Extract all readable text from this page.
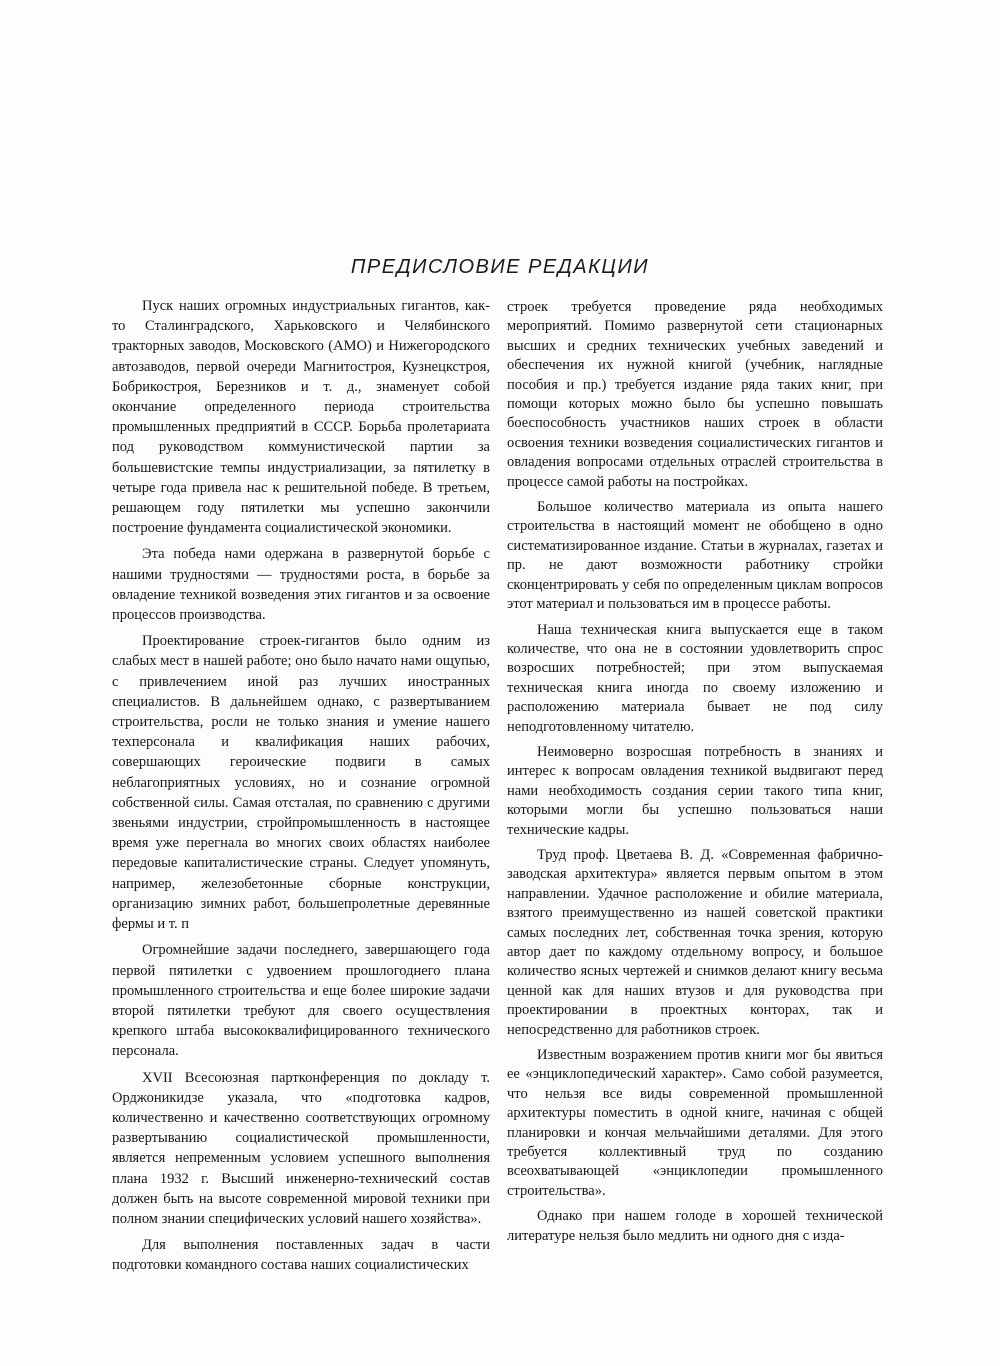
ПРЕДИСЛОВИЕ РЕДАКЦИИ

Пуск наших огромных индустриальных гигантов, как-то Сталинградского, Харьковского и Челябинского тракторных заводов, Московского (АМО) и Нижегородского автозаводов, первой очереди Магнитостроя, Кузнецкстроя, Бобрикостроя, Березников и т. д., знаменует собой окончание определенного периода строительства промышленных предприятий в СССР. Борьба пролетариата под руководством коммунистической партии за большевистские темпы индустриализации, за пятилетку в четыре года привела нас к решительной победе. В третьем, решающем году пятилетки мы успешно закончили построение фундамента социалистической экономики.

Эта победа нами одержана в развернутой борьбе с нашими трудностями — трудностями роста, в борьбе за овладение техникой возведения этих гигантов и за освоение процессов производства.

Проектирование строек-гигантов было одним из слабых мест в нашей работе; оно было начато нами ощупью, с привлечением иной раз лучших иностранных специалистов. В дальнейшем однако, с развертыванием строительства, росли не только знания и умение нашего техперсонала и квалификация наших рабочих, совершающих героические подвиги в самых неблагоприятных условиях, но и сознание огромной собственной силы. Самая отсталая, по сравнению с другими звеньями индустрии, стройпромышленность в настоящее время уже перегнала во многих своих областях наиболее передовые капиталистические страны. Следует упомянуть, например, железобетонные сборные конструкции, организацию зимних работ, большепролетные деревянные фермы и т. п

Огромнейшие задачи последнего, завершающего года первой пятилетки с удвоением прошлогоднего плана промышленного строительства и еще более широкие задачи второй пятилетки требуют для своего осуществления крепкого штаба высококвалифицированного технического персонала.

XVII Всесоюзная партконференция по докладу т. Орджоникидзе указала, что «подготовка кадров, количественно и качественно соответствующих огромному развертыванию социалистической промышленности, является непременным условием успешного выполнения плана 1932 г. Высший инженерно-технический состав должен быть на высоте современной мировой техники при полном знании специфических условий нашего хозяйства».

Для выполнения поставленных задач в части подготовки командного состава наших социалистических

строек требуется проведение ряда необходимых мероприятий. Помимо развернутой сети стационарных высших и средних технических учебных заведений и обеспечения их нужной книгой (учебник, наглядные пособия и пр.) требуется издание ряда таких книг, при помощи которых можно было бы успешно повышать боеспособность участников наших строек в области освоения техники возведения социалистических гигантов и овладения вопросами отдельных отраслей строительства в процессе самой работы на постройках.

Большое количество материала из опыта нашего строительства в настоящий момент не обобщено в одно систематизированное издание. Статьи в журналах, газетах и пр. не дают возможности работнику стройки сконцентрировать у себя по определенным циклам вопросов этот материал и пользоваться им в процессе работы.

Наша техническая книга выпускается еще в таком количестве, что она не в состоянии удовлетворить спрос возросших потребностей; при этом выпускаемая техническая книга иногда по своему изложению и расположению материала бывает не под силу неподготовленному читателю.

Неимоверно возросшая потребность в знаниях и интерес к вопросам овладения техникой выдвигают перед нами необходимость создания серии такого типа книг, которыми могли бы успешно пользоваться наши технические кадры.

Труд проф. Цветаева В. Д. «Современная фабрично-заводская архитектура» является первым опытом в этом направлении. Удачное расположение и обилие материала, взятого преимущественно из нашей советской практики самых последних лет, собственная точка зрения, которую автор дает по каждому отдельному вопросу, и большое количество ясных чертежей и снимков делают книгу весьма ценной как для наших втузов и для руководства при проектировании в проектных конторах, так и непосредственно для работников строек.

Известным возражением против книги мог бы явиться ее «энциклопедический характер». Само собой разумеется, что нельзя все виды современной промышленной архитектуры поместить в одной книге, начиная с общей планировки и кончая мельчайшими деталями. Для этого требуется коллективный труд по созданию всеохватывающей «энциклопедии промышленного строительства».

Однако при нашем голоде в хорошей технической литературе нельзя было медлить ни одного дня с изда-
